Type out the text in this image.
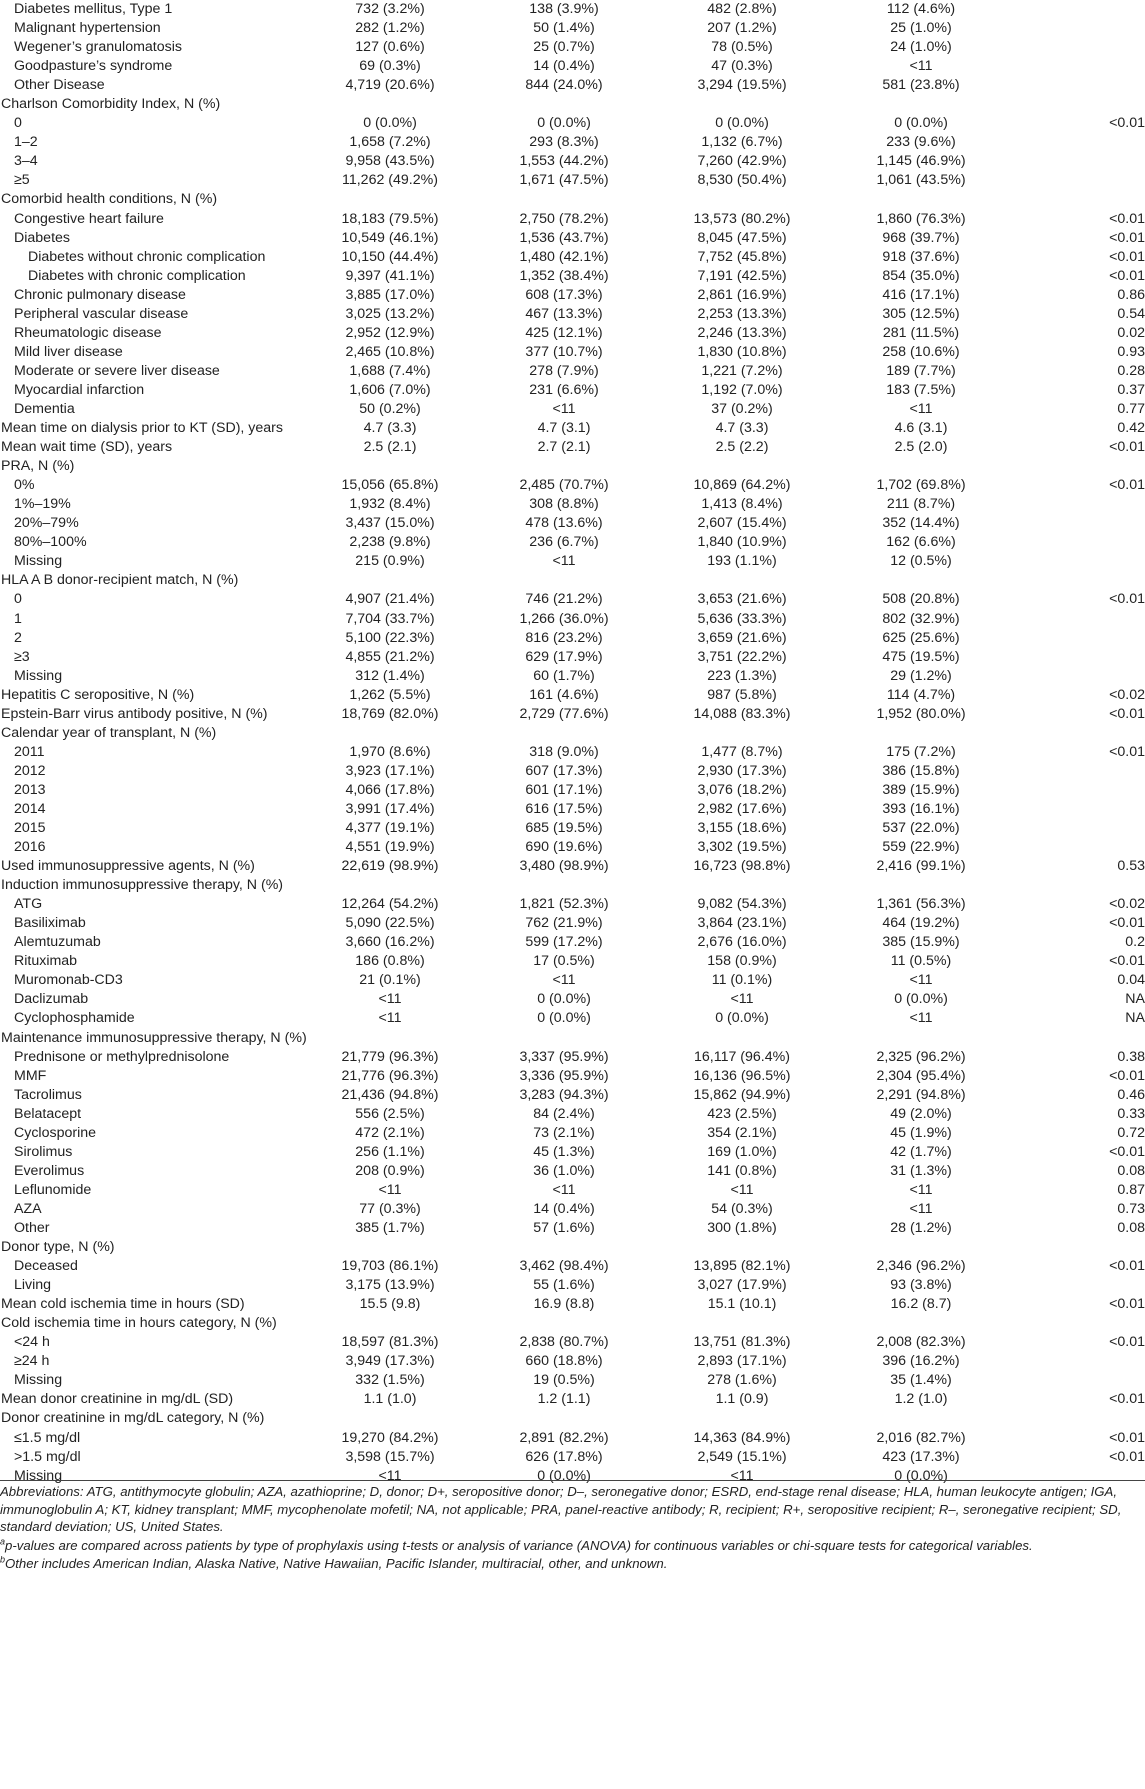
Diabetes mellitus, Type 1	732 (3.2%)	138 (3.9%)	482 (2.8%)	112 (4.6%)	
Malignant hypertension	282 (1.2%)	50 (1.4%)	207 (1.2%)	25 (1.0%)	
Wegener’s granulomatosis	127 (0.6%)	25 (0.7%)	78 (0.5%)	24 (1.0%)	
Goodpasture’s syndrome	69 (0.3%)	14 (0.4%)	47 (0.3%)	<11	
Other Disease	4,719 (20.6%)	844 (24.0%)	3,294 (19.5%)	581 (23.8%)	
Charlson Comorbidity Index, N (%)					
0	0 (0.0%)	0 (0.0%)	0 (0.0%)	0 (0.0%)	<0.01
1–2	1,658 (7.2%)	293 (8.3%)	1,132 (6.7%)	233 (9.6%)	
3–4	9,958 (43.5%)	1,553 (44.2%)	7,260 (42.9%)	1,145 (46.9%)	
≥5	11,262 (49.2%)	1,671 (47.5%)	8,530 (50.4%)	1,061 (43.5%)	
Comorbid health conditions, N (%)					
Congestive heart failure	18,183 (79.5%)	2,750 (78.2%)	13,573 (80.2%)	1,860 (76.3%)	<0.01
Diabetes	10,549 (46.1%)	1,536 (43.7%)	8,045 (47.5%)	968 (39.7%)	<0.01
Diabetes without chronic complication	10,150 (44.4%)	1,480 (42.1%)	7,752 (45.8%)	918 (37.6%)	<0.01
Diabetes with chronic complication	9,397 (41.1%)	1,352 (38.4%)	7,191 (42.5%)	854 (35.0%)	<0.01
Chronic pulmonary disease	3,885 (17.0%)	608 (17.3%)	2,861 (16.9%)	416 (17.1%)	0.86
Peripheral vascular disease	3,025 (13.2%)	467 (13.3%)	2,253 (13.3%)	305 (12.5%)	0.54
Rheumatologic disease	2,952 (12.9%)	425 (12.1%)	2,246 (13.3%)	281 (11.5%)	0.02
Mild liver disease	2,465 (10.8%)	377 (10.7%)	1,830 (10.8%)	258 (10.6%)	0.93
Moderate or severe liver disease	1,688 (7.4%)	278 (7.9%)	1,221 (7.2%)	189 (7.7%)	0.28
Myocardial infarction	1,606 (7.0%)	231 (6.6%)	1,192 (7.0%)	183 (7.5%)	0.37
Dementia	50 (0.2%)	<11	37 (0.2%)	<11	0.77
Mean time on dialysis prior to KT (SD), years	4.7 (3.3)	4.7 (3.1)	4.7 (3.3)	4.6 (3.1)	0.42
Mean wait time (SD), years	2.5 (2.1)	2.7 (2.1)	2.5 (2.2)	2.5 (2.0)	<0.01
PRA, N (%)					
0%	15,056 (65.8%)	2,485 (70.7%)	10,869 (64.2%)	1,702 (69.8%)	<0.01
1%–19%	1,932 (8.4%)	308 (8.8%)	1,413 (8.4%)	211 (8.7%)	
20%–79%	3,437 (15.0%)	478 (13.6%)	2,607 (15.4%)	352 (14.4%)	
80%–100%	2,238 (9.8%)	236 (6.7%)	1,840 (10.9%)	162 (6.6%)	
Missing	215 (0.9%)	<11	193 (1.1%)	12 (0.5%)	
HLA A B donor-recipient match, N (%)					
0	4,907 (21.4%)	746 (21.2%)	3,653 (21.6%)	508 (20.8%)	<0.01
1	7,704 (33.7%)	1,266 (36.0%)	5,636 (33.3%)	802 (32.9%)	
2	5,100 (22.3%)	816 (23.2%)	3,659 (21.6%)	625 (25.6%)	
≥3	4,855 (21.2%)	629 (17.9%)	3,751 (22.2%)	475 (19.5%)	
Missing	312 (1.4%)	60 (1.7%)	223 (1.3%)	29 (1.2%)	
Hepatitis C seropositive, N (%)	1,262 (5.5%)	161 (4.6%)	987 (5.8%)	114 (4.7%)	<0.02
Epstein-Barr virus antibody positive, N (%)	18,769 (82.0%)	2,729 (77.6%)	14,088 (83.3%)	1,952 (80.0%)	<0.01
Calendar year of transplant, N (%)					
2011	1,970 (8.6%)	318 (9.0%)	1,477 (8.7%)	175 (7.2%)	<0.01
2012	3,923 (17.1%)	607 (17.3%)	2,930 (17.3%)	386 (15.8%)	
2013	4,066 (17.8%)	601 (17.1%)	3,076 (18.2%)	389 (15.9%)	
2014	3,991 (17.4%)	616 (17.5%)	2,982 (17.6%)	393 (16.1%)	
2015	4,377 (19.1%)	685 (19.5%)	3,155 (18.6%)	537 (22.0%)	
2016	4,551 (19.9%)	690 (19.6%)	3,302 (19.5%)	559 (22.9%)	
Used immunosuppressive agents, N (%)	22,619 (98.9%)	3,480 (98.9%)	16,723 (98.8%)	2,416 (99.1%)	0.53
Induction immunosuppressive therapy, N (%)					
ATG	12,264 (54.2%)	1,821 (52.3%)	9,082 (54.3%)	1,361 (56.3%)	<0.02
Basiliximab	5,090 (22.5%)	762 (21.9%)	3,864 (23.1%)	464 (19.2%)	<0.01
Alemtuzumab	3,660 (16.2%)	599 (17.2%)	2,676 (16.0%)	385 (15.9%)	0.2
Rituximab	186 (0.8%)	17 (0.5%)	158 (0.9%)	11 (0.5%)	<0.01
Muromonab-CD3	21 (0.1%)	<11	11 (0.1%)	<11	0.04
Daclizumab	<11	0 (0.0%)	<11	0 (0.0%)	NA
Cyclophosphamide	<11	0 (0.0%)	0 (0.0%)	<11	NA
Maintenance immunosuppressive therapy, N (%)					
Prednisone or methylprednisolone	21,779 (96.3%)	3,337 (95.9%)	16,117 (96.4%)	2,325 (96.2%)	0.38
MMF	21,776 (96.3%)	3,336 (95.9%)	16,136 (96.5%)	2,304 (95.4%)	<0.01
Tacrolimus	21,436 (94.8%)	3,283 (94.3%)	15,862 (94.9%)	2,291 (94.8%)	0.46
Belatacept	556 (2.5%)	84 (2.4%)	423 (2.5%)	49 (2.0%)	0.33
Cyclosporine	472 (2.1%)	73 (2.1%)	354 (2.1%)	45 (1.9%)	0.72
Sirolimus	256 (1.1%)	45 (1.3%)	169 (1.0%)	42 (1.7%)	<0.01
Everolimus	208 (0.9%)	36 (1.0%)	141 (0.8%)	31 (1.3%)	0.08
Leflunomide	<11	<11	<11	<11	0.87
AZA	77 (0.3%)	14 (0.4%)	54 (0.3%)	<11	0.73
Other	385 (1.7%)	57 (1.6%)	300 (1.8%)	28 (1.2%)	0.08
Donor type, N (%)					
Deceased	19,703 (86.1%)	3,462 (98.4%)	13,895 (82.1%)	2,346 (96.2%)	<0.01
Living	3,175 (13.9%)	55 (1.6%)	3,027 (17.9%)	93 (3.8%)	
Mean cold ischemia time in hours (SD)	15.5 (9.8)	16.9 (8.8)	15.1 (10.1)	16.2 (8.7)	<0.01
Cold ischemia time in hours category, N (%)					
<24 h	18,597 (81.3%)	2,838 (80.7%)	13,751 (81.3%)	2,008 (82.3%)	<0.01
≥24 h	3,949 (17.3%)	660 (18.8%)	2,893 (17.1%)	396 (16.2%)	
Missing	332 (1.5%)	19 (0.5%)	278 (1.6%)	35 (1.4%)	
Mean donor creatinine in mg/dL (SD)	1.1 (1.0)	1.2 (1.1)	1.1 (0.9)	1.2 (1.0)	<0.01
Donor creatinine in mg/dL category, N (%)					
≤1.5 mg/dl	19,270 (84.2%)	2,891 (82.2%)	14,363 (84.9%)	2,016 (82.7%)	<0.01
>1.5 mg/dl	3,598 (15.7%)	626 (17.8%)	2,549 (15.1%)	423 (17.3%)	<0.01
Missing	<11	0 (0.0%)	<11	0 (0.0%)	

Abbreviations: ATG, antithymocyte globulin; AZA, azathioprine; D, donor; D+, seropositive donor; D–, seronegative donor; ESRD, end-stage renal disease; HLA, human leukocyte antigen; IGA, immunoglobulin A; KT, kidney transplant; MMF, mycophenolate mofetil; NA, not applicable; PRA, panel-reactive antibody; R, recipient; R+, seropositive recipient; R–, seronegative recipient; SD, standard deviation; US, United States.

$^a$p-values are compared across patients by type of prophylaxis using t-tests or analysis of variance (ANOVA) for continuous variables or chi-square tests for categorical variables.

$^b$Other includes American Indian, Alaska Native, Native Hawaiian, Pacific Islander, multiracial, other, and unknown.
